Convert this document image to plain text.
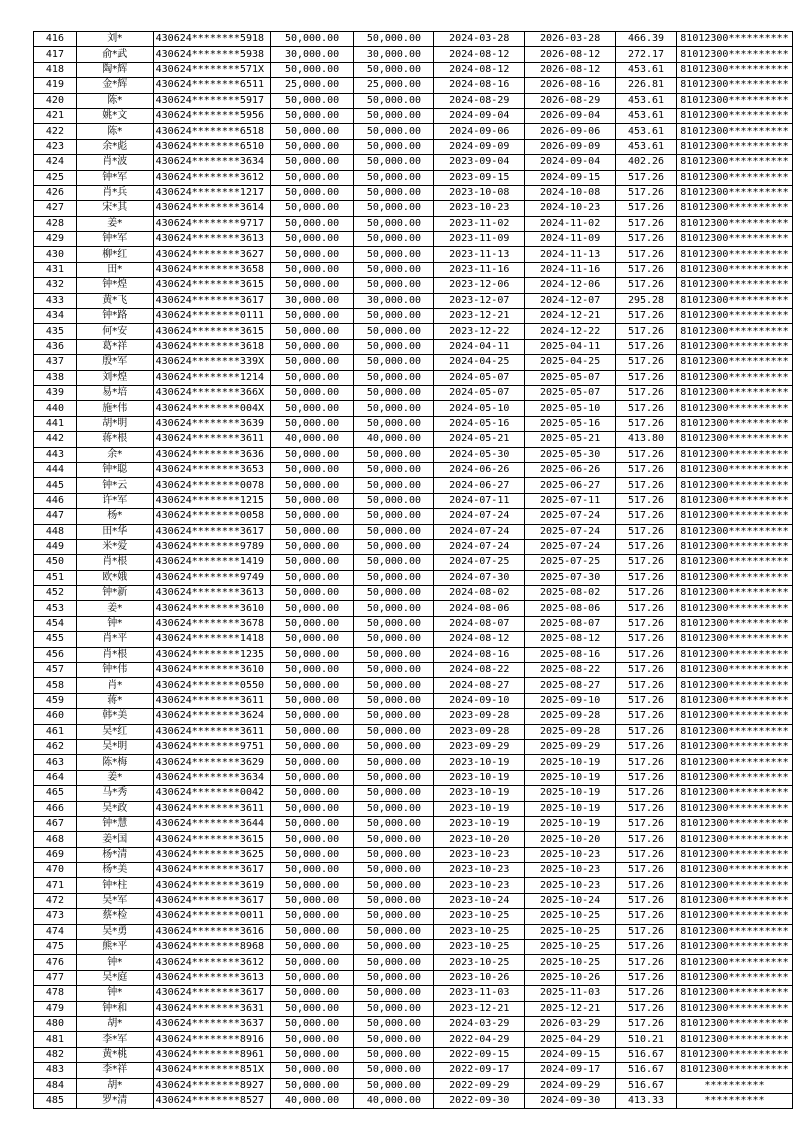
416	刘*	430624********5918	50,000.00	50,000.00	2024-03-28	2026-03-28	466.39	81012300**********
417	俞*武	430624********5938	30,000.00	30,000.00	2024-08-12	2026-08-12	272.17	81012300**********
418	陶*辉	430624********571X	50,000.00	50,000.00	2024-08-12	2026-08-12	453.61	81012300**********
419	金*辉	430624********6511	25,000.00	25,000.00	2024-08-16	2026-08-16	226.81	81012300**********
420	陈*	430624********5917	50,000.00	50,000.00	2024-08-29	2026-08-29	453.61	81012300**********
421	姚*文	430624********5956	50,000.00	50,000.00	2024-09-04	2026-09-04	453.61	81012300**********
422	陈*	430624********6518	50,000.00	50,000.00	2024-09-06	2026-09-06	453.61	81012300**********
423	余*彪	430624********6510	50,000.00	50,000.00	2024-09-09	2026-09-09	453.61	81012300**********
424	肖*波	430624********3634	50,000.00	50,000.00	2023-09-04	2024-09-04	402.26	81012300**********
425	钟*军	430624********3612	50,000.00	50,000.00	2023-09-15	2024-09-15	517.26	81012300**********
426	肖*兵	430624********1217	50,000.00	50,000.00	2023-10-08	2024-10-08	517.26	81012300**********
427	宋*其	430624********3614	50,000.00	50,000.00	2023-10-23	2024-10-23	517.26	81012300**********
428	姜*	430624********9717	50,000.00	50,000.00	2023-11-02	2024-11-02	517.26	81012300**********
429	钟*军	430624********3613	50,000.00	50,000.00	2023-11-09	2024-11-09	517.26	81012300**********
430	柳*红	430624********3627	50,000.00	50,000.00	2023-11-13	2024-11-13	517.26	81012300**********
431	田*	430624********3658	50,000.00	50,000.00	2023-11-16	2024-11-16	517.26	81012300**********
432	钟*煌	430624********3615	50,000.00	50,000.00	2023-12-06	2024-12-06	517.26	81012300**********
433	黄*飞	430624********3617	30,000.00	30,000.00	2023-12-07	2024-12-07	295.28	81012300**********
434	钟*路	430624********0111	50,000.00	50,000.00	2023-12-21	2024-12-21	517.26	81012300**********
435	何*安	430624********3615	50,000.00	50,000.00	2023-12-22	2024-12-22	517.26	81012300**********
436	葛*祥	430624********3618	50,000.00	50,000.00	2024-04-11	2025-04-11	517.26	81012300**********
437	殷*军	430624********339X	50,000.00	50,000.00	2024-04-25	2025-04-25	517.26	81012300**********
438	刘*煌	430624********1214	50,000.00	50,000.00	2024-05-07	2025-05-07	517.26	81012300**********
439	易*培	430624********366X	50,000.00	50,000.00	2024-05-07	2025-05-07	517.26	81012300**********
440	施*伟	430624********004X	50,000.00	50,000.00	2024-05-10	2025-05-10	517.26	81012300**********
441	胡*明	430624********3639	50,000.00	50,000.00	2024-05-16	2025-05-16	517.26	81012300**********
442	蒋*根	430624********3611	40,000.00	40,000.00	2024-05-21	2025-05-21	413.80	81012300**********
443	余*	430624********3636	50,000.00	50,000.00	2024-05-30	2025-05-30	517.26	81012300**********
444	钟*聪	430624********3653	50,000.00	50,000.00	2024-06-26	2025-06-26	517.26	81012300**********
445	钟*云	430624********0078	50,000.00	50,000.00	2024-06-27	2025-06-27	517.26	81012300**********
446	许*军	430624********1215	50,000.00	50,000.00	2024-07-11	2025-07-11	517.26	81012300**********
447	杨*	430624********0058	50,000.00	50,000.00	2024-07-24	2025-07-24	517.26	81012300**********
448	田*华	430624********3617	50,000.00	50,000.00	2024-07-24	2025-07-24	517.26	81012300**********
449	米*爱	430624********9789	50,000.00	50,000.00	2024-07-24	2025-07-24	517.26	81012300**********
450	肖*根	430624********1419	50,000.00	50,000.00	2024-07-25	2025-07-25	517.26	81012300**********
451	欧*娥	430624********9749	50,000.00	50,000.00	2024-07-30	2025-07-30	517.26	81012300**********
452	钟*新	430624********3613	50,000.00	50,000.00	2024-08-02	2025-08-02	517.26	81012300**********
453	姜*	430624********3610	50,000.00	50,000.00	2024-08-06	2025-08-06	517.26	81012300**********
454	钟*	430624********3678	50,000.00	50,000.00	2024-08-07	2025-08-07	517.26	81012300**********
455	肖*平	430624********1418	50,000.00	50,000.00	2024-08-12	2025-08-12	517.26	81012300**********
456	肖*根	430624********1235	50,000.00	50,000.00	2024-08-16	2025-08-16	517.26	81012300**********
457	钟*伟	430624********3610	50,000.00	50,000.00	2024-08-22	2025-08-22	517.26	81012300**********
458	肖*	430624********0550	50,000.00	50,000.00	2024-08-27	2025-08-27	517.26	81012300**********
459	蒋*	430624********3611	50,000.00	50,000.00	2024-09-10	2025-09-10	517.26	81012300**********
460	韩*美	430624********3624	50,000.00	50,000.00	2023-09-28	2025-09-28	517.26	81012300**********
461	吴*红	430624********3611	50,000.00	50,000.00	2023-09-28	2025-09-28	517.26	81012300**********
462	吴*明	430624********9751	50,000.00	50,000.00	2023-09-29	2025-09-29	517.26	81012300**********
463	陈*梅	430624********3629	50,000.00	50,000.00	2023-10-19	2025-10-19	517.26	81012300**********
464	姜*	430624********3634	50,000.00	50,000.00	2023-10-19	2025-10-19	517.26	81012300**********
465	马*秀	430624********0042	50,000.00	50,000.00	2023-10-19	2025-10-19	517.26	81012300**********
466	吴*政	430624********3611	50,000.00	50,000.00	2023-10-19	2025-10-19	517.26	81012300**********
467	钟*慧	430624********3644	50,000.00	50,000.00	2023-10-19	2025-10-19	517.26	81012300**********
468	姜*国	430624********3615	50,000.00	50,000.00	2023-10-20	2025-10-20	517.26	81012300**********
469	杨*清	430624********3625	50,000.00	50,000.00	2023-10-23	2025-10-23	517.26	81012300**********
470	杨*美	430624********3617	50,000.00	50,000.00	2023-10-23	2025-10-23	517.26	81012300**********
471	钟*柱	430624********3619	50,000.00	50,000.00	2023-10-23	2025-10-23	517.26	81012300**********
472	吴*军	430624********3617	50,000.00	50,000.00	2023-10-24	2025-10-24	517.26	81012300**********
473	蔡*检	430624********0011	50,000.00	50,000.00	2023-10-25	2025-10-25	517.26	81012300**********
474	吴*勇	430624********3616	50,000.00	50,000.00	2023-10-25	2025-10-25	517.26	81012300**********
475	熊*平	430624********8968	50,000.00	50,000.00	2023-10-25	2025-10-25	517.26	81012300**********
476	钟*	430624********3612	50,000.00	50,000.00	2023-10-25	2025-10-25	517.26	81012300**********
477	吴*庭	430624********3613	50,000.00	50,000.00	2023-10-26	2025-10-26	517.26	81012300**********
478	钟*	430624********3617	50,000.00	50,000.00	2023-11-03	2025-11-03	517.26	81012300**********
479	钟*和	430624********3631	50,000.00	50,000.00	2023-12-21	2025-12-21	517.26	81012300**********
480	胡*	430624********3637	50,000.00	50,000.00	2024-03-29	2026-03-29	517.26	81012300**********
481	李*军	430624********8916	50,000.00	50,000.00	2022-04-29	2025-04-29	510.21	81012300**********
482	黄*桃	430624********8961	50,000.00	50,000.00	2022-09-15	2024-09-15	516.67	81012300**********
483	李*祥	430624********851X	50,000.00	50,000.00	2022-09-17	2024-09-17	516.67	81012300**********
484	胡*	430624********8927	50,000.00	50,000.00	2022-09-29	2024-09-29	516.67	**********
485	罗*清	430624********8527	40,000.00	40,000.00	2022-09-30	2024-09-30	413.33	**********
